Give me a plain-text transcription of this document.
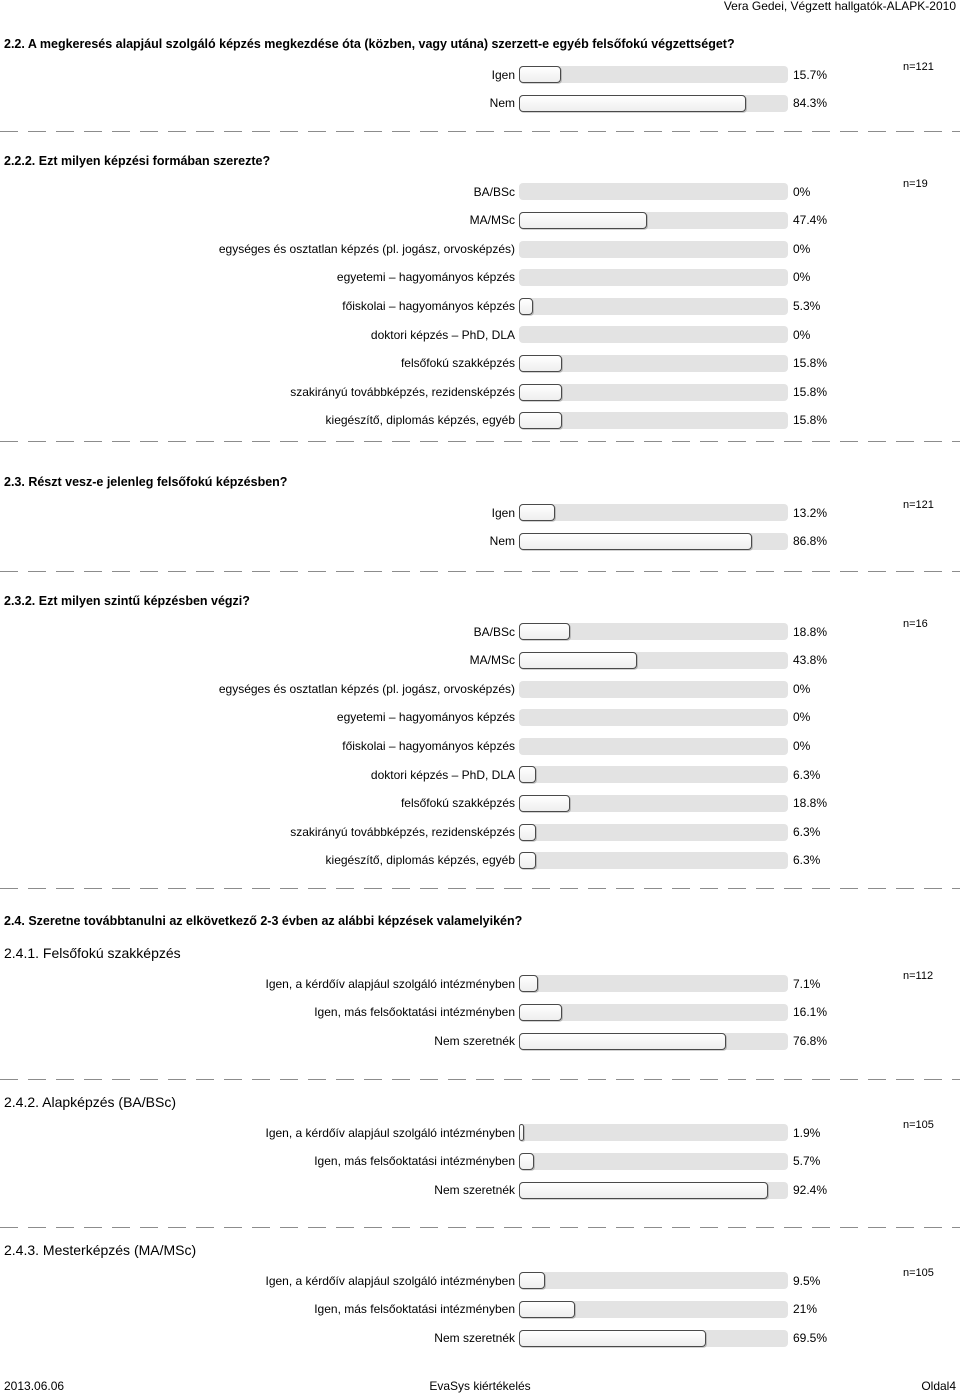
Vera Gedei, Végzett hallgatók-ALAPK-2010
2.2. A megkeresés alapjául szolgáló képzés megkezdése óta (közben, vagy utána) szerzett-e egyéb felsőfokú végzettséget?
n=121
Igen	15.7%
Nem	84.3%
2.2.2. Ezt milyen képzési formában szerezte?
n=19
BA/BSc	0%
MA/MSc	47.4%
egységes és osztatlan képzés (pl. jogász, orvosképzés)	0%
egyetemi – hagyományos képzés	0%
főiskolai – hagyományos képzés	5.3%
doktori képzés – PhD, DLA	0%
felsőfokú szakképzés	15.8%
szakirányú továbbképzés, rezidensképzés	15.8%
kiegészítő, diplomás képzés, egyéb	15.8%
2.3. Részt vesz-e jelenleg felsőfokú képzésben?
n=121
Igen	13.2%
Nem	86.8%
2.3.2. Ezt milyen szintű képzésben végzi?
n=16
BA/BSc	18.8%
MA/MSc	43.8%
egységes és osztatlan képzés (pl. jogász, orvosképzés)	0%
egyetemi – hagyományos képzés	0%
főiskolai – hagyományos képzés	0%
doktori képzés – PhD, DLA	6.3%
felsőfokú szakképzés	18.8%
szakirányú továbbképzés, rezidensképzés	6.3%
kiegészítő, diplomás képzés, egyéb	6.3%
2.4. Szeretne továbbtanulni az elkövetkező 2-3 évben az alábbi képzések valamelyikén?
2.4.1. Felsőfokú szakképzés
n=112
Igen, a kérdőív alapjául szolgáló intézményben	7.1%
Igen, más felsőoktatási intézményben	16.1%
Nem szeretnék	76.8%
2.4.2. Alapképzés (BA/BSc)
n=105
Igen, a kérdőív alapjául szolgáló intézményben	1.9%
Igen, más felsőoktatási intézményben	5.7%
Nem szeretnék	92.4%
2.4.3. Mesterképzés (MA/MSc)
n=105
Igen, a kérdőív alapjául szolgáló intézményben	9.5%
Igen, más felsőoktatási intézményben	21%
Nem szeretnék	69.5%
2013.06.06	EvaSys kiértékelés	Oldal4
